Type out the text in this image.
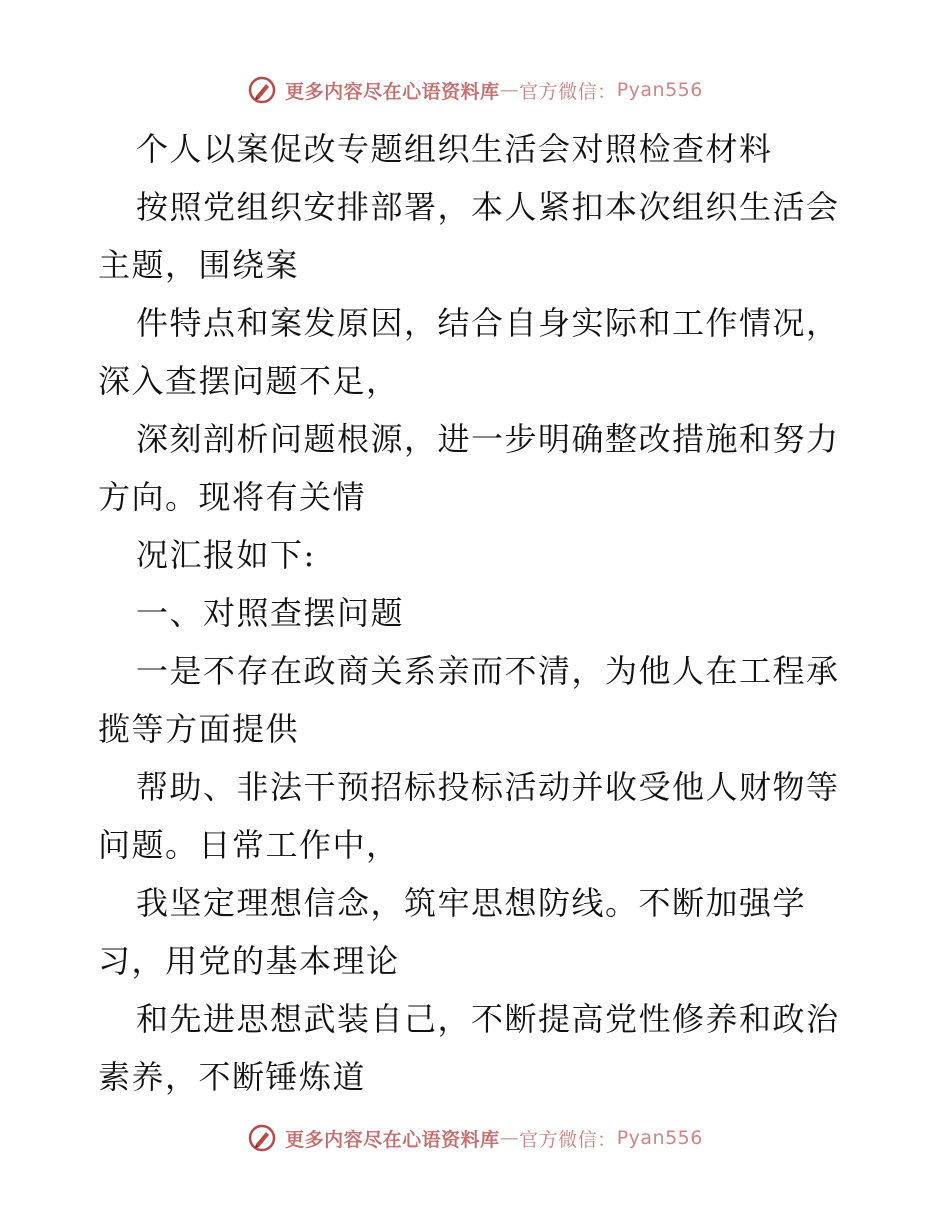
更多内容尽在心语资料库 — 官方微信： Pyan556
个人以案促改专题组织生活会对照检查材料
按照党组织安排部署，本人紧扣本次组织生活会
主题，围绕案
件特点和案发原因，结合自身实际和工作情况，
深入查摆问题不足，
深刻剖析问题根源，进一步明确整改措施和努力
方向。现将有关情
况汇报如下:
一、对照查摆问题
一是不存在政商关系亲而不清，为他人在工程承
揽等方面提供
帮助、非法干预招标投标活动并收受他人财物等
问题。日常工作中，
我坚定理想信念，筑牢思想防线。不断加强学
习，用党的基本理论
和先进思想武装自己，不断提高党性修养和政治
素养，不断锤炼道
更多内容尽在心语资料库 — 官方微信： Pyan556
